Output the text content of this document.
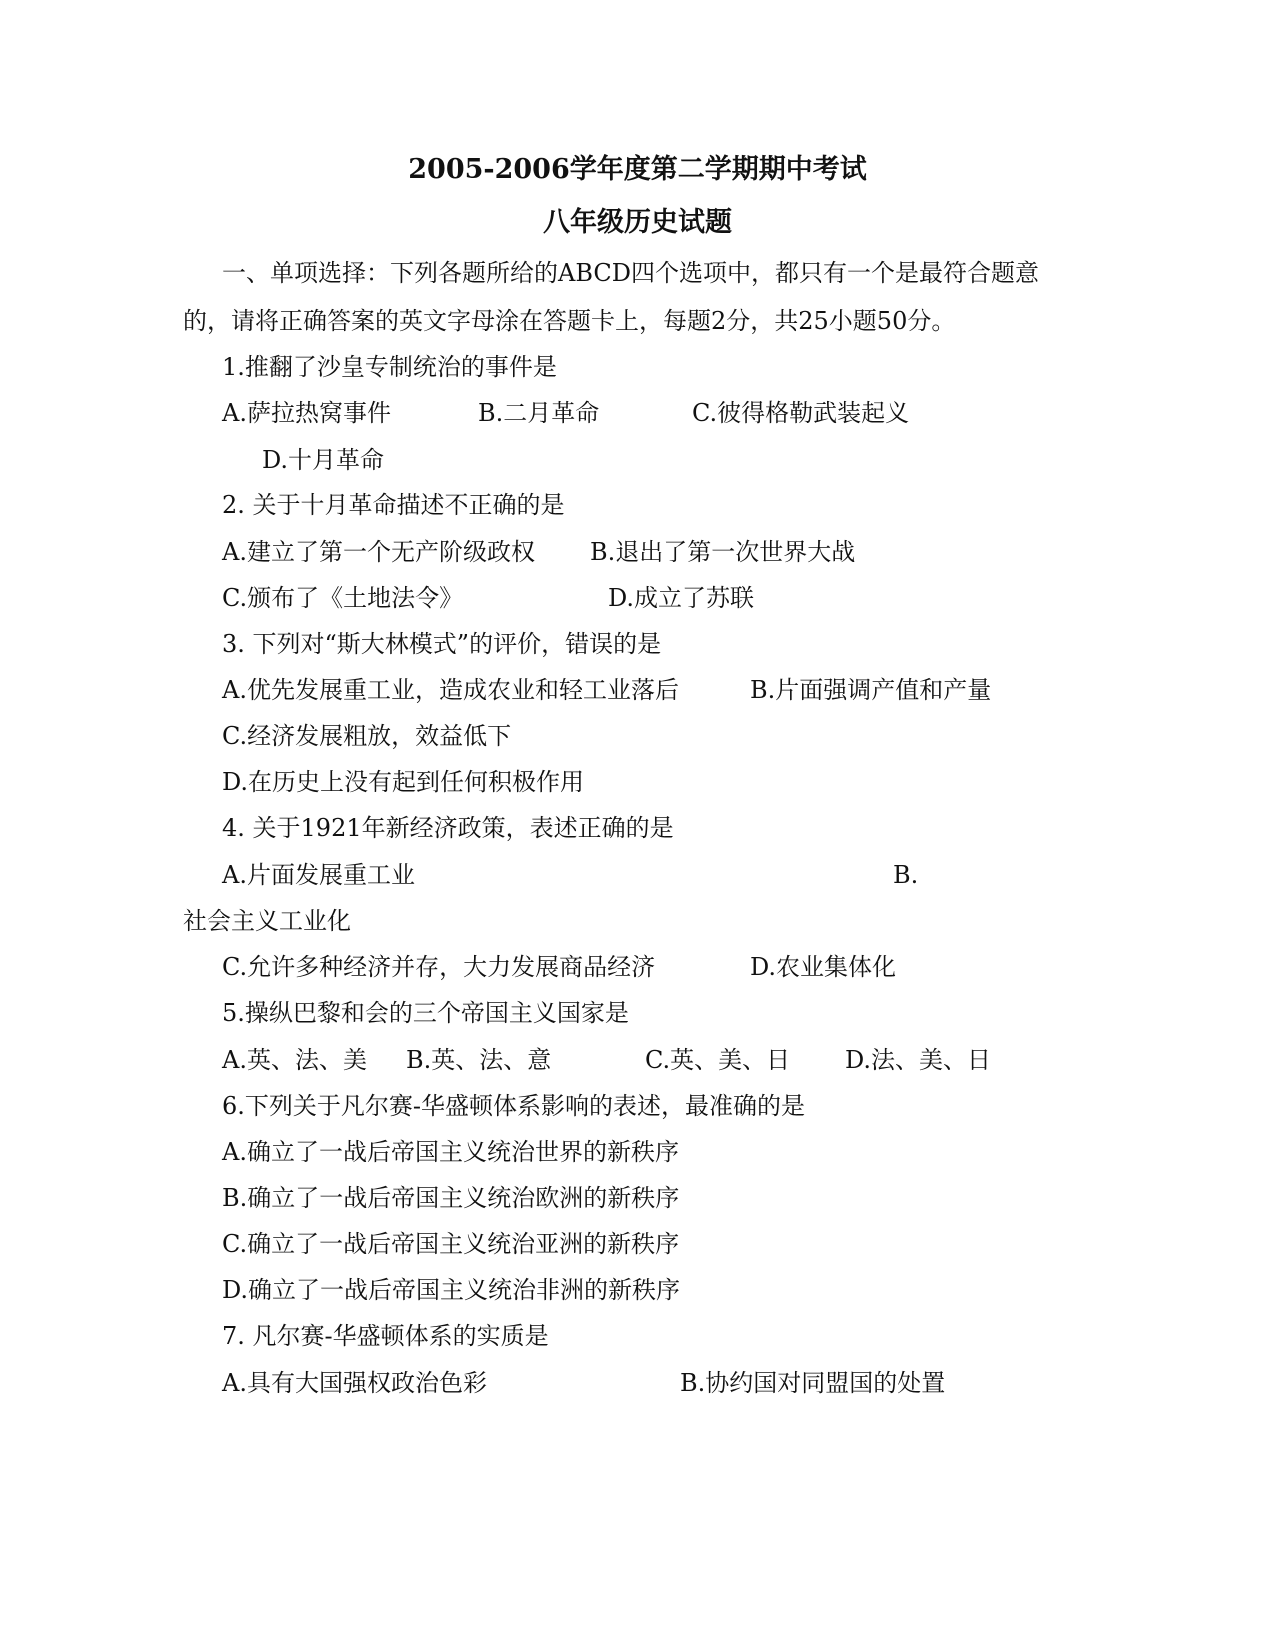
2005-2006学年度第二学期期中考试
八年级历史试题
一、单项选择：下列各题所给的ABCD四个选项中，都只有一个是最符合题意
的，请将正确答案的英文字母涂在答题卡上，每题2分，共25小题50分。
1.推翻了沙皇专制统治的事件是
A.萨拉热窝事件	B.二月革命	C.彼得格勒武装起义
D.十月革命
2. 关于十月革命描述不正确的是
A.建立了第一个无产阶级政权 B.退出了第一次世界大战
C.颁布了《土地法令》	D.成立了苏联
3. 下列对“斯大林模式”的评价，错误的是
A.优先发展重工业，造成农业和轻工业落后	B.片面强调产值和产量
C.经济发展粗放，效益低下
D.在历史上没有起到任何积极作用
4. 关于1921年新经济政策，表述正确的是
A.片面发展重工业	B.
社会主义工业化
C.允许多种经济并存，大力发展商品经济	D.农业集体化
5.操纵巴黎和会的三个帝国主义国家是
A.英、法、美 B.英、法、意	C.英、美、日 D.法、美、日
6.下列关于凡尔赛-华盛顿体系影响的表述，最准确的是
A.确立了一战后帝国主义统治世界的新秩序
B.确立了一战后帝国主义统治欧洲的新秩序
C.确立了一战后帝国主义统治亚洲的新秩序
D.确立了一战后帝国主义统治非洲的新秩序
7. 凡尔赛-华盛顿体系的实质是
A.具有大国强权政治色彩	B.协约国对同盟国的处置
